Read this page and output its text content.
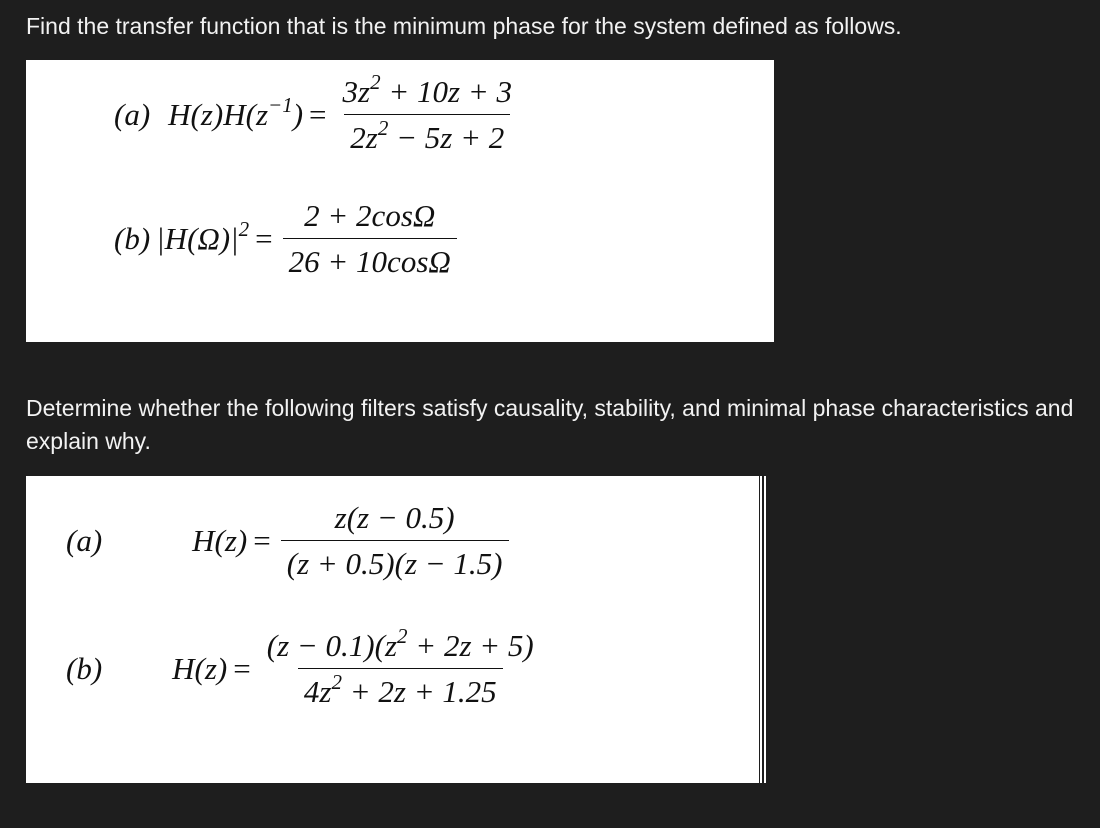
Find the transfer function that is the minimum phase for the system defined as follows.

(a) $H(z)H(z^{-1}) = \frac{3z^2 + 10z + 3}{2z^2 - 5z + 2}$
(b) $|H(\Omega)|^2 = \frac{2 + 2\cos\Omega}{26 + 10\cos\Omega}$

Determine whether the following filters satisfy causality, stability, and minimal phase characteristics and explain why.

(a)	$H(z) = \frac{z(z - 0.5)}{(z + 0.5)(z - 1.5)}$
(b) $H(z) = \frac{(z - 0.1)(z^2 + 2z + 5)}{4z^2 + 2z + 1.25}$
